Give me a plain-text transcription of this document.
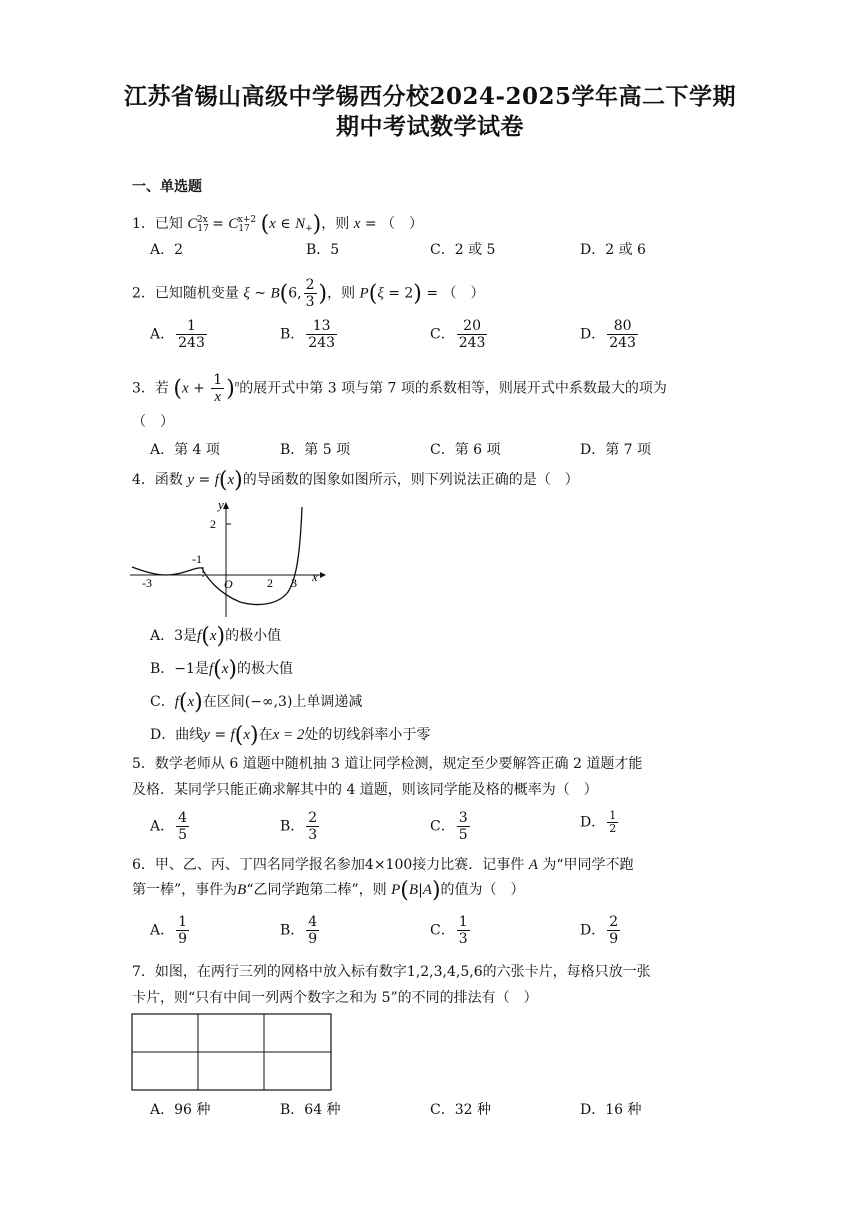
江苏省锡山高级中学锡西分校2024-2025学年高二下学期
期中考试数学试卷
一、单选题
1．已知 $C_{17}^{2x} = C_{17}^{x+2}$ (x ∈ $N_+$)，则 x = （　）
A．2	B．5	C．2 或 5	D．2 或 6
2．已知随机变量 ξ ~ B(6, $\frac{2}{3}$ )，则 P(ξ = 2) = （　）
A． $\frac{1}{243}$	B． $\frac{13}{243}$	C． $\frac{20}{243}$	D． $\frac{80}{243}$
3．若 $(x + \frac{1}{x} )^n$的展开式中第 3 项与第 7 项的系数相等，则展开式中系数最大的项为
（　）
A．第 4 项	B．第 5 项	C．第 6 项	D．第 7 项
4．函数 y = f(x)的导函数的图象如图所示，则下列说法正确的是（　）
y
x
O
-3
-1
2 3
2
A．3是f(x)的极小值
B．−1是f(x)的极大值
C．f(x)在区间(−∞,3)上单调递减
D．曲线y = f(x)在x = 2处的切线斜率小于零
5．数学老师从 6 道题中随机抽 3 道让同学检测，规定至少要解答正确 2 道题才能
及格．某同学只能正确求解其中的 4 道题，则该同学能及格的概率为（　）
A． $\frac{4}{5}$	B． $\frac{2}{3}$	C． $\frac{3}{5}$	D． $\frac{1}{2}$
6．甲、乙、丙、丁四名同学报名参加4×100接力比赛．记事件 A 为“甲同学不跑
第一棒”，事件为B“乙同学跑第二棒”，则 P(B|A)的值为（　）
A． $\frac{1}{9}$	B． $\frac{4}{9}$	C． $\frac{1}{3}$	D． $\frac{2}{9}$
7．如图，在两行三列的网格中放入标有数字1,2,3,4,5,6的六张卡片，每格只放一张
卡片，则“只有中间一列两个数字之和为 5”的不同的排法有（　）
A．96 种	B．64 种	C．32 种	D．16 种
